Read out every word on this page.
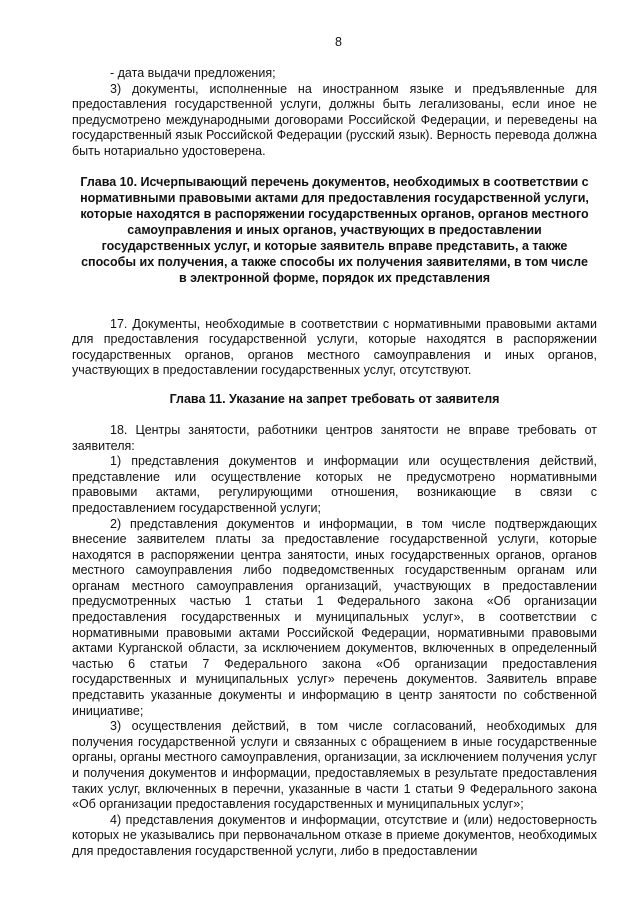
8

- дата выдачи предложения;

3) документы, исполненные на иностранном языке и предъявленные для предоставления государственной услуги, должны быть легализованы, если иное не предусмотрено международными договорами Российской Федерации, и переведены на государственный язык Российской Федерации (русский язык). Верность перевода должна быть нотариально удостоверена.

Глава 10. Исчерпывающий перечень документов, необходимых в соответствии с нормативными правовыми актами для предоставления государственной услуги, которые находятся в распоряжении государственных органов, органов местного самоуправления и иных органов, участвующих в предоставлении государственных услуг, и которые заявитель вправе представить, а также способы их получения, а также способы их получения заявителями, в том числе в электронной форме, порядок их представления

17. Документы, необходимые в соответствии с нормативными правовыми актами для предоставления государственной услуги, которые находятся в распоряжении государственных органов, органов местного самоуправления и иных органов, участвующих в предоставлении государственных услуг, отсутствуют.

Глава 11. Указание на запрет требовать от заявителя

18. Центры занятости, работники центров занятости не вправе требовать от заявителя:

1) представления документов и информации или осуществления действий, представление или осуществление которых не предусмотрено нормативными правовыми актами, регулирующими отношения, возникающие в связи с предоставлением государственной услуги;

2) представления документов и информации, в том числе подтверждающих внесение заявителем платы за предоставление государственной услуги, которые находятся в распоряжении центра занятости, иных государственных органов, органов местного самоуправления либо подведомственных государственным органам или органам местного самоуправления организаций, участвующих в предоставлении предусмотренных частью 1 статьи 1 Федерального закона «Об организации предоставления государственных и муниципальных услуг», в соответствии с нормативными правовыми актами Российской Федерации, нормативными правовыми актами Курганской области, за исключением документов, включенных в определенный частью 6 статьи 7 Федерального закона «Об организации предоставления государственных и муниципальных услуг» перечень документов. Заявитель вправе представить указанные документы и информацию в центр занятости по собственной инициативе;

3) осуществления действий, в том числе согласований, необходимых для получения государственной услуги и связанных с обращением в иные государственные органы, органы местного самоуправления, организации, за исключением получения услуг и получения документов и информации, предоставляемых в результате предоставления таких услуг, включенных в перечни, указанные в части 1 статьи 9 Федерального закона «Об организации предоставления государственных и муниципальных услуг»;

4) представления документов и информации, отсутствие и (или) недостоверность которых не указывались при первоначальном отказе в приеме документов, необходимых для предоставления государственной услуги, либо в предоставлении
